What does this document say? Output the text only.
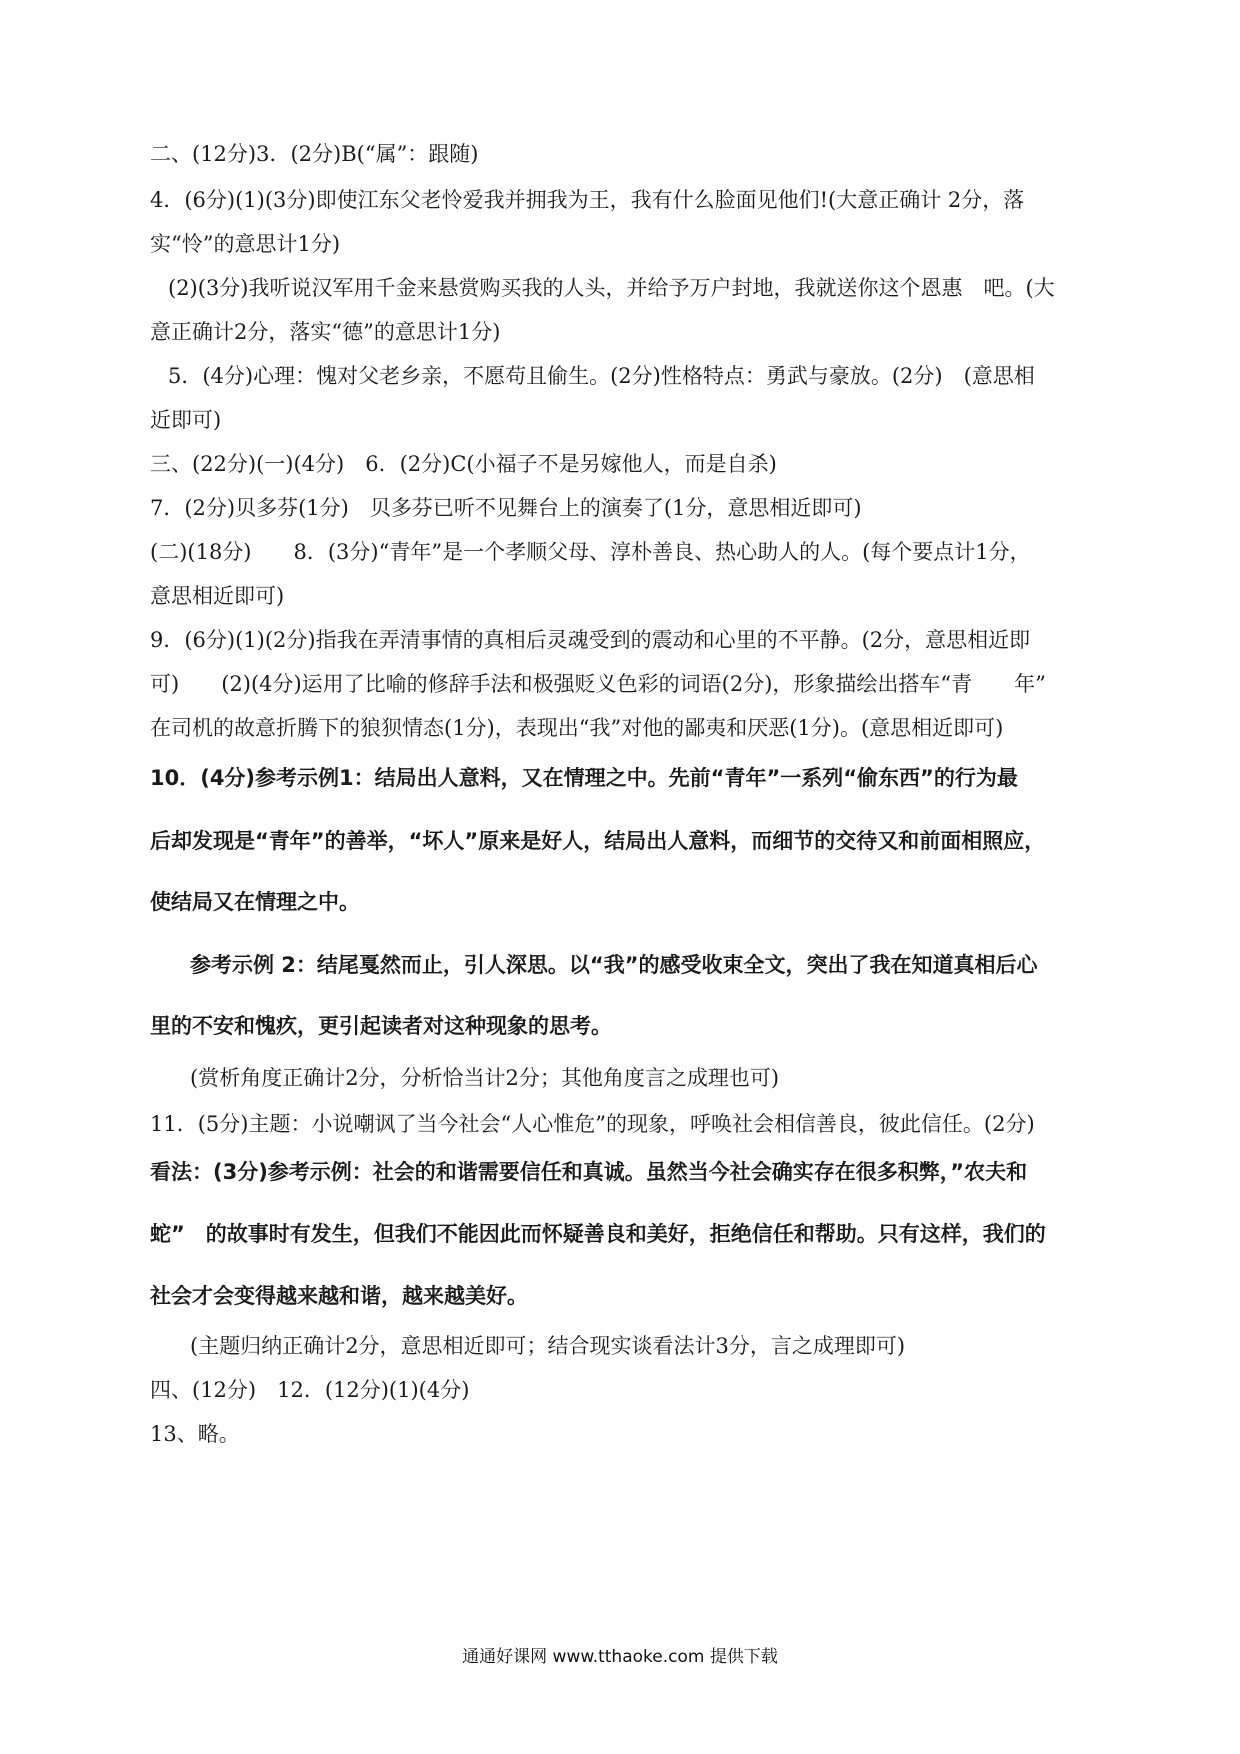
二、(12分)3．(2分)B(“属”：跟随)
4．(6分)(1)(3分)即使江东父老怜爱我并拥我为王，我有什么脸面见他们!(大意正确计 2分，落
实“怜”的意思计1分)
(2)(3分)我听说汉军用千金来悬赏购买我的人头，并给予万户封地，我就送你这个恩惠　吧。(大
意正确计2分，落实“德”的意思计1分)
5．(4分)心理：愧对父老乡亲，不愿苟且偷生。(2分)性格特点：勇武与豪放。(2分)　(意思相
近即可)
三、(22分)(一)(4分)　6．(2分)C(小福子不是另嫁他人，而是自杀)
7．(2分)贝多芬(1分)　贝多芬已听不见舞台上的演奏了(1分，意思相近即可)
(二)(18分)　　8．(3分)“青年”是一个孝顺父母、淳朴善良、热心助人的人。(每个要点计1分，
意思相近即可)
9．(6分)(1)(2分)指我在弄清事情的真相后灵魂受到的震动和心里的不平静。(2分，意思相近即
可)　　(2)(4分)运用了比喻的修辞手法和极强贬义色彩的词语(2分)，形象描绘出搭车“青　　年”
在司机的故意折腾下的狼狈情态(1分)，表现出“我”对他的鄙夷和厌恶(1分)。(意思相近即可)
10．(4分)参考示例1：结局出人意料，又在情理之中。先前“青年”一系列“偷东西”的行为最
后却发现是“青年”的善举，“坏人”原来是好人，结局出人意料，而细节的交待又和前面相照应，
使结局又在情理之中。
参考示例 2：结尾戛然而止，引人深思。以“我”的感受收束全文，突出了我在知道真相后心
里的不安和愧疚，更引起读者对这种现象的思考。
(赏析角度正确计2分，分析恰当计2分；其他角度言之成理也可)
11．(5分)主题：小说嘲讽了当今社会“人心惟危”的现象，呼唤社会相信善良，彼此信任。(2分)
看法：(3分)参考示例：社会的和谐需要信任和真诚。虽然当今社会确实存在很多积弊，”农夫和
蛇”　的故事时有发生，但我们不能因此而怀疑善良和美好，拒绝信任和帮助。只有这样，我们的
社会才会变得越来越和谐，越来越美好。
(主题归纳正确计2分，意思相近即可；结合现实谈看法计3分，言之成理即可)
四、(12分)　12．(12分)(1)(4分)
13、略。
通通好课网 www.tthaoke.com 提供下载
